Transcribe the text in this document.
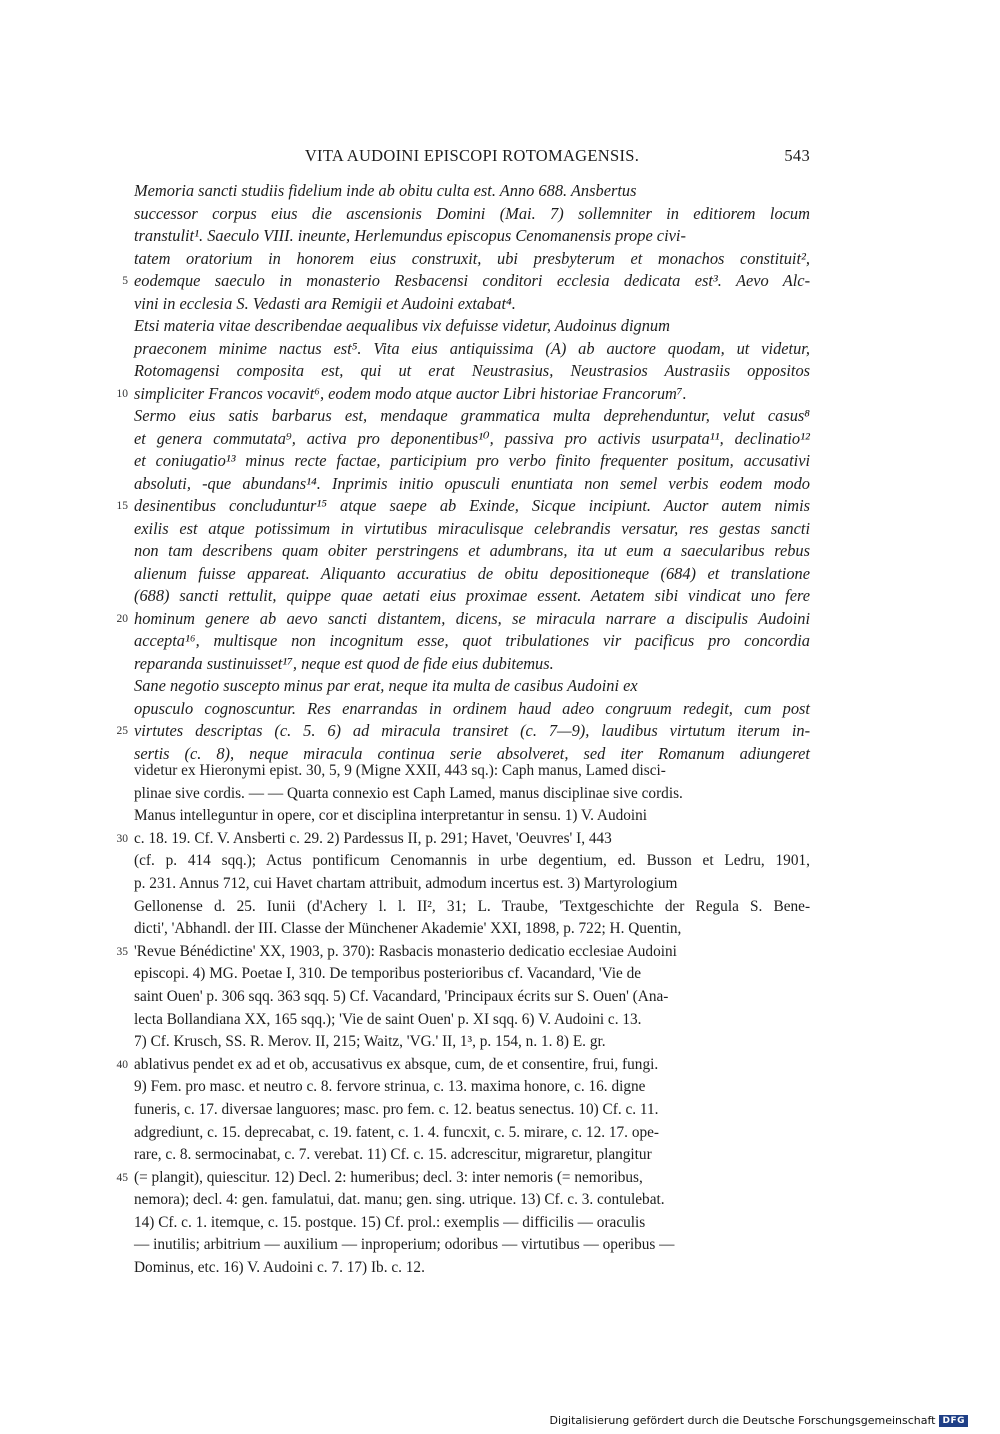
VITA AUDOINI EPISCOPI ROTOMAGENSIS.	543
Memoria sancti studiis fidelium inde ab obitu culta est. Anno 688. Ansbertus
successor corpus eius die ascensionis Domini (Mai. 7) sollemniter in editiorem locum
transtulit¹. Saeculo VIII. ineunte, Herlemundus episcopus Cenomanensis prope civi-
tatem oratorium in honorem eius construxit, ubi presbyterum et monachos constituit²,
5 eodemque saeculo in monasterio Resbacensi conditori ecclesia dedicata est³. Aevo Alc-
vini in ecclesia S. Vedasti ara Remigii et Audoini extabat⁴.
Etsi materia vitae describendae aequalibus vix defuisse videtur, Audoinus dignum
praeconem minime nactus est⁵. Vita eius antiquissima (A) ab auctore quodam, ut videtur,
Rotomagensi composita est, qui ut erat Neustrasius, Neustrasios Austrasiis oppositos
10 simpliciter Francos vocavit⁶, eodem modo atque auctor Libri historiae Francorum⁷.
Sermo eius satis barbarus est, mendaque grammatica multa deprehenduntur, velut casus⁸
et genera commutata⁹, activa pro deponentibus¹⁰, passiva pro activis usurpata¹¹, declinatio¹²
et coniugatio¹³ minus recte factae, participium pro verbo finito frequenter positum, accusativi
absoluti, -que abundans¹⁴. Inprimis initio opusculi enuntiata non semel verbis eodem modo
15 desinentibus concluduntur¹⁵ atque saepe ab Exinde, Sicque incipiunt. Auctor autem nimis
exilis est atque potissimum in virtutibus miraculisque celebrandis versatur, res gestas sancti
non tam describens quam obiter perstringens et adumbrans, ita ut eum a saecularibus rebus
alienum fuisse appareat. Aliquanto accuratius de obitu depositioneque (684) et translatione
(688) sancti rettulit, quippe quae aetati eius proximae essent. Aetatem sibi vindicat uno fere
20 hominum genere ab aevo sancti distantem, dicens, se miracula narrare a discipulis Audoini
accepta¹⁶, multisque non incognitum esse, quot tribulationes vir pacificus pro concordia
reparanda sustinuisset¹⁷, neque est quod de fide eius dubitemus.
Sane negotio suscepto minus par erat, neque ita multa de casibus Audoini ex
opusculo cognoscuntur. Res enarrandas in ordinem haud adeo congruum redegit, cum post
25 virtutes descriptas (c. 5. 6) ad miracula transiret (c. 7—9), laudibus virtutum iterum in-
sertis (c. 8), neque miracula continua serie absolveret, sed iter Romanum adiungeret
videtur ex Hieronymi epist. 30, 5, 9 (Migne XXII, 443 sq.): Caph manus, Lamed disci-
plinae sive cordis. — — Quarta connexio est Caph Lamed, manus disciplinae sive cordis.
Manus intelleguntur in opere, cor et disciplina interpretantur in sensu. 1) V. Audoini
30 c. 18. 19. Cf. V. Ansberti c. 29. 2) Pardessus II, p. 291; Havet, 'Oeuvres' I, 443
(cf. p. 414 sqq.); Actus pontificum Cenomannis in urbe degentium, ed. Busson et Ledru, 1901,
p. 231. Annus 712, cui Havet chartam attribuit, admodum incertus est. 3) Martyrologium
Gellonense d. 25. Iunii (d'Achery l. l. II², 31; L. Traube, 'Textgeschichte der Regula S. Bene-
dicti', 'Abhandl. der III. Classe der Münchener Akademie' XXI, 1898, p. 722; H. Quentin,
35 'Revue Bénédictine' XX, 1903, p. 370): Rasbacis monasterio dedicatio ecclesiae Audoini
episcopi. 4) MG. Poetae I, 310. De temporibus posterioribus cf. Vacandard, 'Vie de
saint Ouen' p. 306 sqq. 363 sqq. 5) Cf. Vacandard, 'Principaux écrits sur S. Ouen' (Ana-
lecta Bollandiana XX, 165 sqq.); 'Vie de saint Ouen' p. XI sqq. 6) V. Audoini c. 13.
7) Cf. Krusch, SS. R. Merov. II, 215; Waitz, 'VG.' II, 1³, p. 154, n. 1. 8) E. gr.
40 ablativus pendet ex ad et ob, accusativus ex absque, cum, de et consentire, frui, fungi.
9) Fem. pro masc. et neutro c. 8. fervore strinua, c. 13. maxima honore, c. 16. digne
funeris, c. 17. diversae languores; masc. pro fem. c. 12. beatus senectus. 10) Cf. c. 11.
adgrediunt, c. 15. deprecabat, c. 19. fatent, c. 1. 4. funcxit, c. 5. mirare, c. 12. 17. ope-
rare, c. 8. sermocinabat, c. 7. verebat. 11) Cf. c. 15. adcrescitur, migraretur, plangitur
45 (= plangit), quiescitur. 12) Decl. 2: humeribus; decl. 3: inter nemoris (= nemoribus,
nemora); decl. 4: gen. famulatui, dat. manu; gen. sing. utrique. 13) Cf. c. 3. contulebat.
14) Cf. c. 1. itemque, c. 15. postque. 15) Cf. prol.: exemplis — difficilis — oraculis
— inutilis; arbitrium — auxilium — inproperium; odoribus — virtutibus — operibus —
Dominus, etc. 16) V. Audoini c. 7. 17) Ib. c. 12.
Digitalisierung gefördert durch die Deutsche Forschungsgemeinschaft DFG
